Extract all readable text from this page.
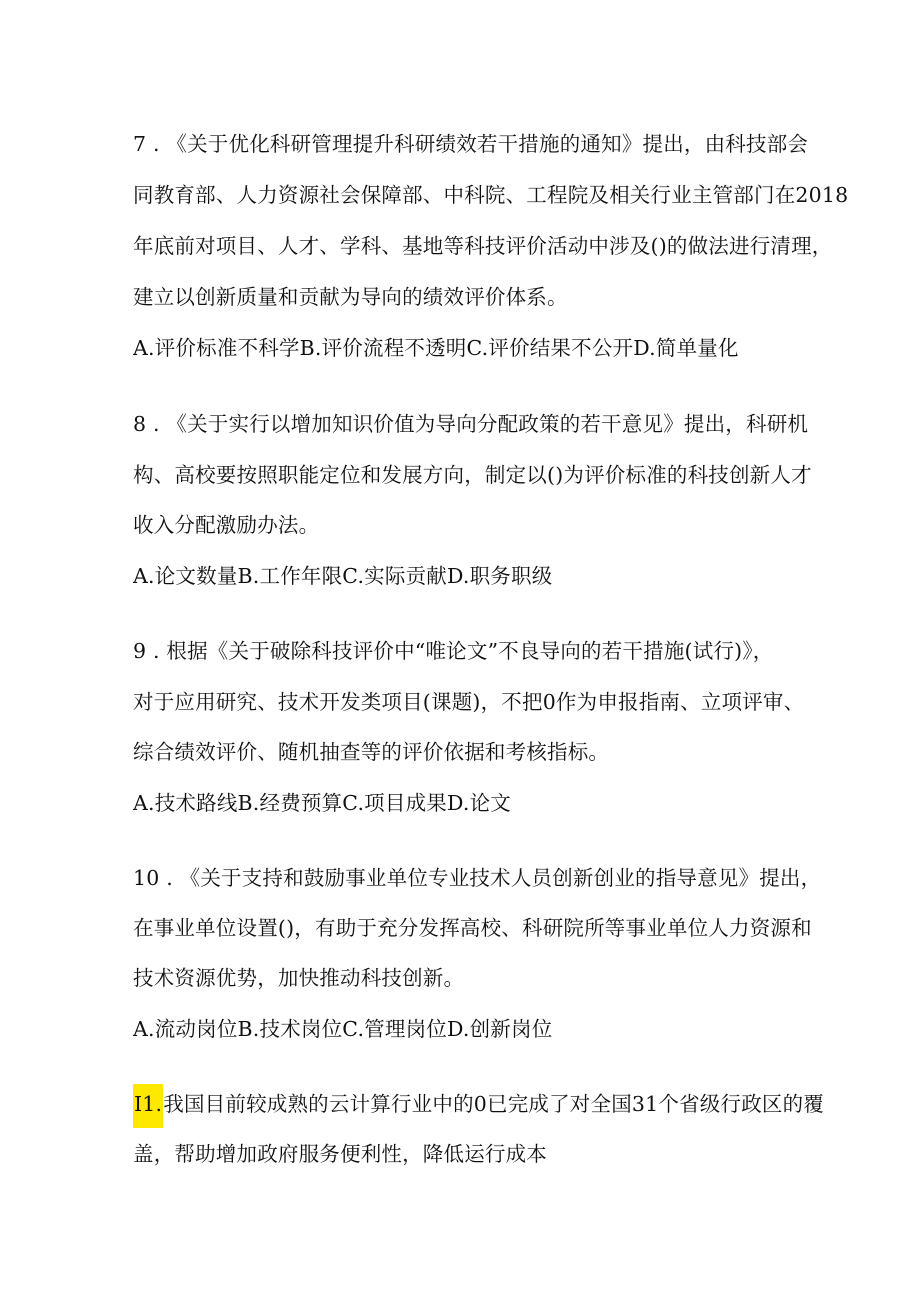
7 . 《关于优化科研管理提升科研绩效若干措施的通知》提出，由科技部会
同教育部、人力资源社会保障部、中科院、工程院及相关行业主管部门在2018
年底前对项目、人才、学科、基地等科技评价活动中涉及()的做法进行清理，
建立以创新质量和贡献为导向的绩效评价体系。
A.评价标准不科学B.评价流程不透明C.评价结果不公开D.简单量化
8 . 《关于实行以增加知识价值为导向分配政策的若干意见》提出，科研机
构、高校要按照职能定位和发展方向，制定以()为评价标准的科技创新人才
收入分配激励办法。
A.论文数量B.工作年限C.实际贡献D.职务职级
9 . 根据《关于破除科技评价中“唯论文”不良导向的若干措施(试行)》，
对于应用研究、技术开发类项目(课题)，不把0作为申报指南、立项评审、
综合绩效评价、随机抽查等的评价依据和考核指标。
A.技术路线B.经费预算C.项目成果D.论文
10 . 《关于支持和鼓励事业单位专业技术人员创新创业的指导意见》提出，
在事业单位设置()，有助于充分发挥高校、科研院所等事业单位人力资源和
技术资源优势，加快推动科技创新。
A.流动岗位B.技术岗位C.管理岗位D.创新岗位
I1.我国目前较成熟的云计算行业中的0已完成了对全国31个省级行政区的覆
盖，帮助增加政府服务便利性，降低运行成本
